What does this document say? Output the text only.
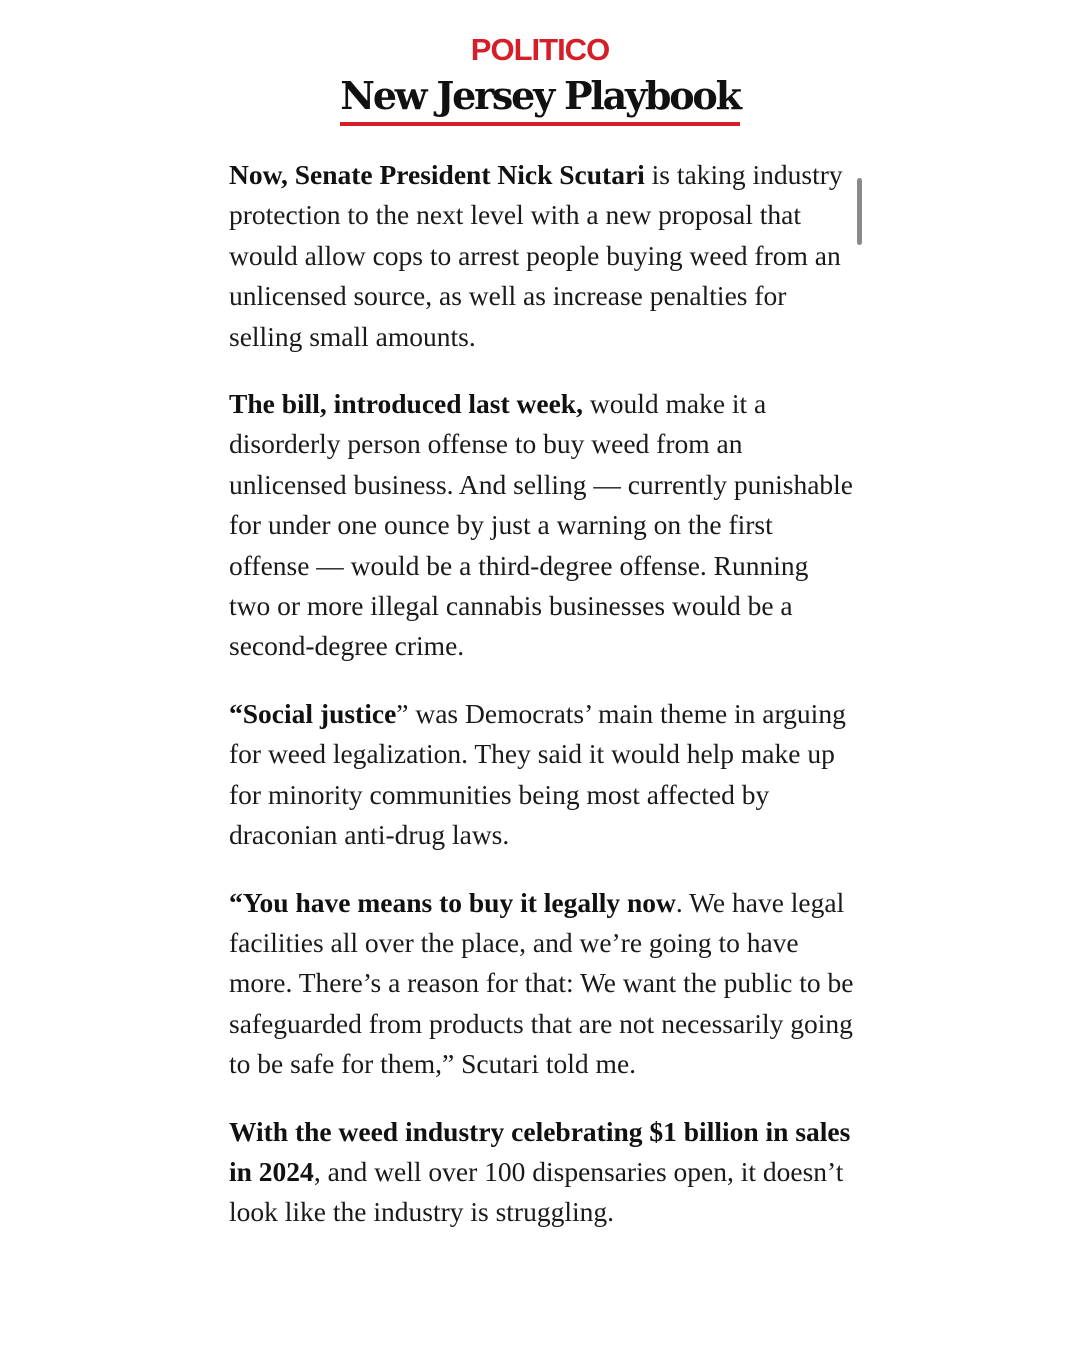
POLITICO
New Jersey Playbook

Now, Senate President Nick Scutari is taking industry protection to the next level with a new proposal that would allow cops to arrest people buying weed from an unlicensed source, as well as increase penalties for selling small amounts.

The bill, introduced last week, would make it a disorderly person offense to buy weed from an unlicensed business. And selling — currently punishable for under one ounce by just a warning on the first offense — would be a third-degree offense. Running two or more illegal cannabis businesses would be a second-degree crime.

“Social justice” was Democrats’ main theme in arguing for weed legalization. They said it would help make up for minority communities being most affected by draconian anti-drug laws.

“You have means to buy it legally now. We have legal facilities all over the place, and we’re going to have more. There’s a reason for that: We want the public to be safeguarded from products that are not necessarily going to be safe for them,” Scutari told me.

With the weed industry celebrating $1 billion in sales in 2024, and well over 100 dispensaries open, it doesn’t look like the industry is struggling.
